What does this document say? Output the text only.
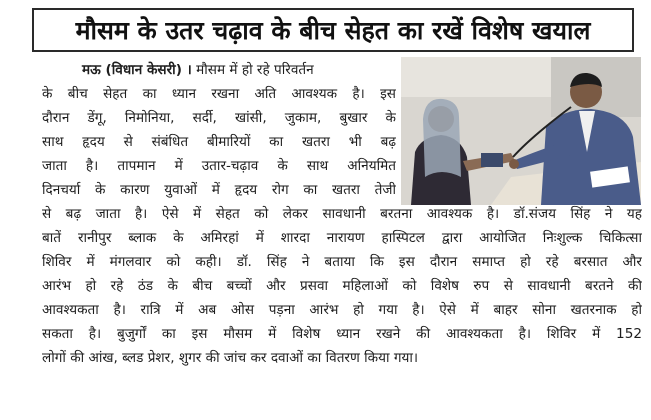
मौसम के उतर चढ़ाव के बीच सेहत का रखें विशेष खयाल
मऊ (विधान केसरी) । मौसम में हो रहे परिवर्तन
के बीच सेहत का ध्यान रखना अति आवश्यक है। इस
दौरान डेंगू, निमोनिया, सर्दी, खांसी, जुकाम, बुखार के
साथ हृदय से संबंधित बीमारियों का खतरा भी बढ़
जाता है। तापमान में उतार-चढ़ाव के साथ अनियमित
दिनचर्या के कारण युवाओं में हृदय रोग का खतरा तेजी
से बढ़ जाता है। ऐसे में सेहत को लेकर सावधानी बरतना आवश्यक है। डॉ.संजय सिंह ने यह
बातें रानीपुर ब्लाक के अमिरहां में शारदा नारायण हास्पिटल द्वारा आयोजित निःशुल्क चिकित्सा
शिविर में मंगलवार को कही। डॉ. सिंह ने बताया कि इस दौरान समाप्त हो रहे बरसात और
आरंभ हो रहे ठंड के बीच बच्चों और प्रसवा महिलाओं को विशेष रुप से सावधानी बरतने की
आवश्यकता है। रात्रि में अब ओस पड़ना आरंभ हो गया है। ऐसे में बाहर सोना खतरनाक हो
सकता है। बुजुर्गों का इस मौसम में विशेष ध्यान रखने की आवश्यकता है। शिविर में 152
लोगों की आंख, ब्लड प्रेशर, शुगर की जांच कर दवाओं का वितरण किया गया।
